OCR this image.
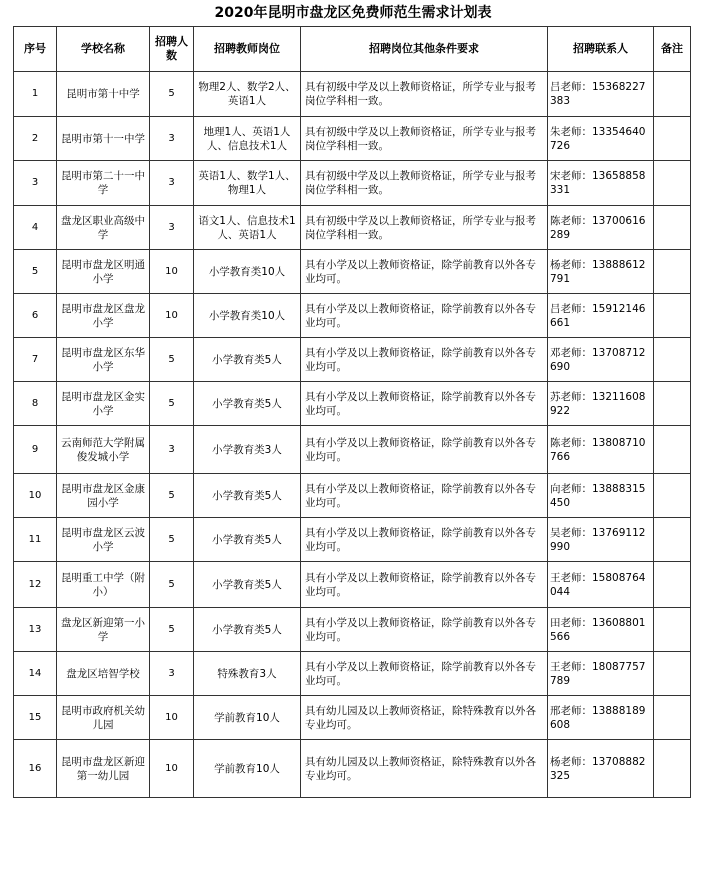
2020年昆明市盘龙区免费师范生需求计划表
序号	学校名称	招聘人数	招聘教师岗位	招聘岗位其他条件要求	招聘联系人	备注
1	昆明市第十中学	5	物理2人、数学2人、英语1人	具有初级中学及以上教师资格证，所学专业与报考岗位学科相一致。	吕老师：15368227383	
2	昆明市第十一中学	3	地理1人、英语1人人、信息技术1人	具有初级中学及以上教师资格证，所学专业与报考岗位学科相一致。	朱老师：13354640726	
3	昆明市第二十一中学	3	英语1人、数学1人、物理1人	具有初级中学及以上教师资格证，所学专业与报考岗位学科相一致。	宋老师：13658858331	
4	盘龙区职业高级中学	3	语文1人、信息技术1人、英语1人	具有初级中学及以上教师资格证，所学专业与报考岗位学科相一致。	陈老师：13700616289	
5	昆明市盘龙区明通小学	10	小学教育类10人	具有小学及以上教师资格证，除学前教育以外各专业均可。	杨老师：13888612791	
6	昆明市盘龙区盘龙小学	10	小学教育类10人	具有小学及以上教师资格证，除学前教育以外各专业均可。	吕老师：15912146661	
7	昆明市盘龙区东华小学	5	小学教育类5人	具有小学及以上教师资格证，除学前教育以外各专业均可。	邓老师：13708712690	
8	昆明市盘龙区金实小学	5	小学教育类5人	具有小学及以上教师资格证，除学前教育以外各专业均可。	苏老师：13211608922	
9	云南师范大学附属俊发城小学	3	小学教育类3人	具有小学及以上教师资格证，除学前教育以外各专业均可。	陈老师：13808710766	
10	昆明市盘龙区金康园小学	5	小学教育类5人	具有小学及以上教师资格证，除学前教育以外各专业均可。	向老师：13888315450	
11	昆明市盘龙区云波小学	5	小学教育类5人	具有小学及以上教师资格证，除学前教育以外各专业均可。	吴老师：13769112990	
12	昆明重工中学（附小）	5	小学教育类5人	具有小学及以上教师资格证，除学前教育以外各专业均可。	王老师：15808764044	
13	盘龙区新迎第一小学	5	小学教育类5人	具有小学及以上教师资格证，除学前教育以外各专业均可。	田老师：13608801566	
14	盘龙区培智学校	3	特殊教育3人	具有小学及以上教师资格证，除学前教育以外各专业均可。	王老师：18087757789	
15	昆明市政府机关幼儿园	10	学前教育10人	具有幼儿园及以上教师资格证，除特殊教育以外各专业均可。	邢老师：13888189608	
16	昆明市盘龙区新迎第一幼儿园	10	学前教育10人	具有幼儿园及以上教师资格证，除特殊教育以外各专业均可。	杨老师：13708882325	
